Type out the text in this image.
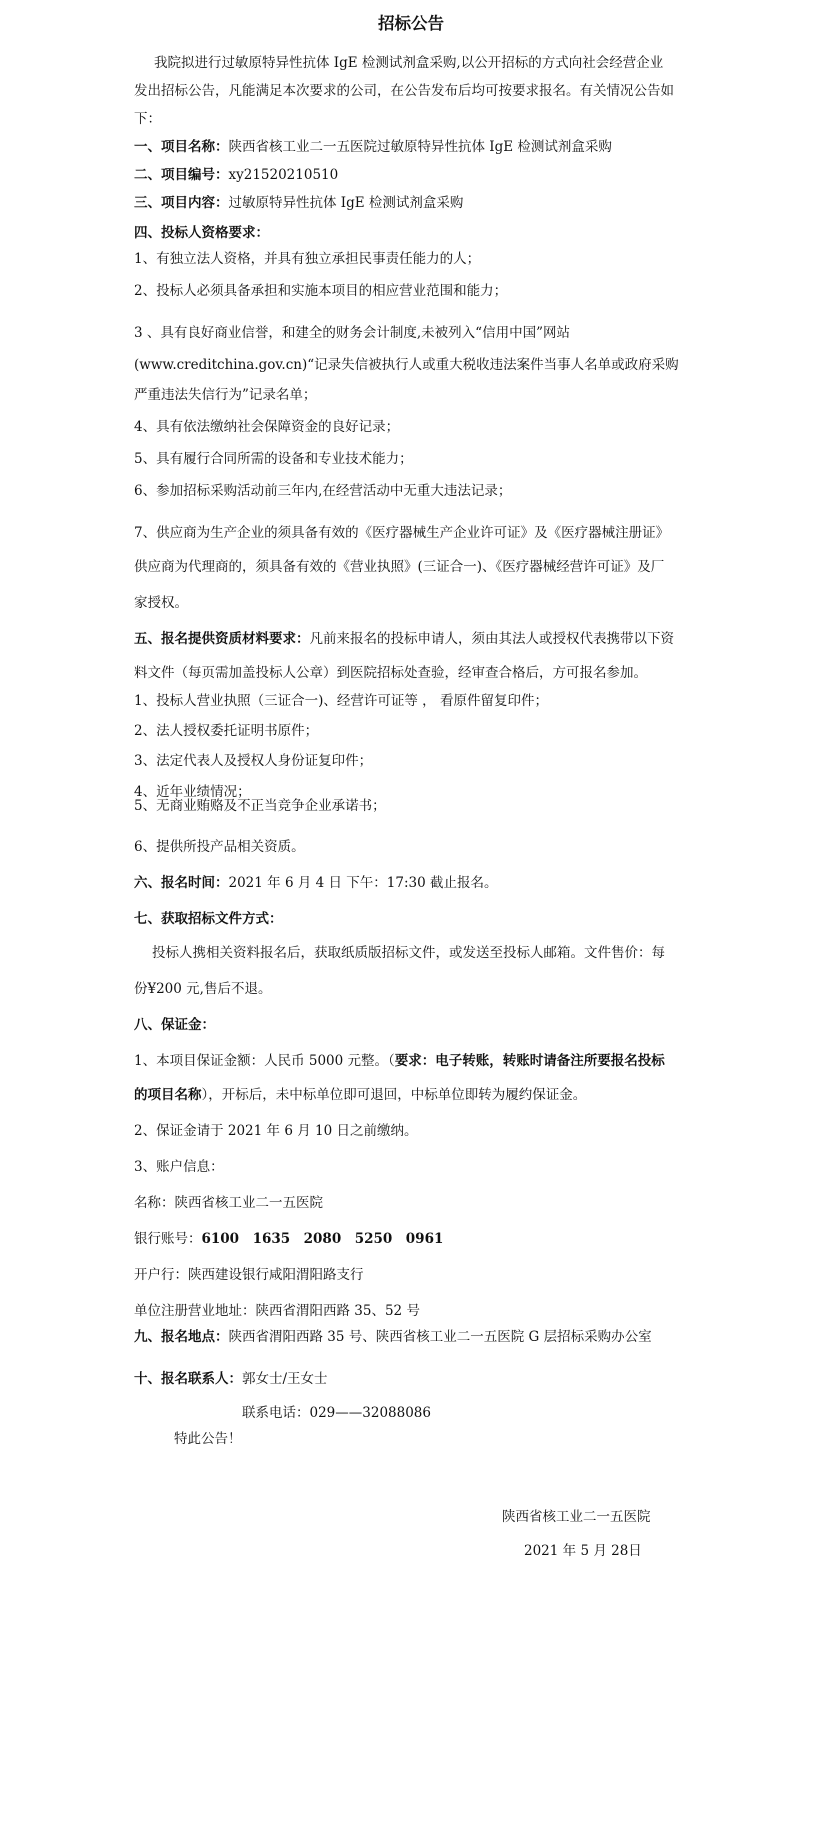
招标公告
我院拟进行过敏原特异性抗体 IgE 检测试剂盒采购,以公开招标的方式向社会经营企业
发出招标公告，凡能满足本次要求的公司，在公告发布后均可按要求报名。有关情况公告如
下：
一、项目名称：陕西省核工业二一五医院过敏原特异性抗体 IgE 检测试剂盒采购
二、项目编号：xy21520210510
三、项目内容：过敏原特异性抗体 IgE 检测试剂盒采购
四、投标人资格要求：
1、有独立法人资格，并具有独立承担民事责任能力的人；
2、投标人必须具备承担和实施本项目的相应营业范围和能力；
3 、具有良好商业信誉，和建全的财务会计制度,未被列入“信用中国”网站
(www.creditchina.gov.cn)“记录失信被执行人或重大税收违法案件当事人名单或政府采购
严重违法失信行为”记录名单；
4、具有依法缴纳社会保障资金的良好记录；
5、具有履行合同所需的设备和专业技术能力；
6、参加招标采购活动前三年内,在经营活动中无重大违法记录；
7、供应商为生产企业的须具备有效的《医疗器械生产企业许可证》及《医疗器械注册证》
供应商为代理商的，须具备有效的《营业执照》(三证合一)、《医疗器械经营许可证》及厂
家授权。
五、报名提供资质材料要求：凡前来报名的投标申请人，须由其法人或授权代表携带以下资
料文件（每页需加盖投标人公章）到医院招标处查验，经审查合格后，方可报名参加。
1、投标人营业执照（三证合一)、经营许可证等 ， 看原件留复印件；
2、法人授权委托证明书原件；
3、法定代表人及授权人身份证复印件；
4、近年业绩情况；
5、无商业贿赂及不正当竞争企业承诺书；
6、提供所投产品相关资质。
六、报名时间：2021 年 6 月 4 日 下午：17:30 截止报名。
七、获取招标文件方式：
投标人携相关资料报名后，获取纸质版招标文件，或发送至投标人邮箱。文件售价：每
份¥200 元,售后不退。
八、保证金：
1、本项目保证金额：人民币 5000 元整。（要求：电子转账，转账时请备注所要报名投标
的项目名称），开标后，未中标单位即可退回，中标单位即转为履约保证金。
2、保证金请于 2021 年 6 月 10 日之前缴纳。
3、账户信息：
名称：陕西省核工业二一五医院
银行账号：6100　1635　2080　5250　0961
开户行：陕西建设银行咸阳渭阳路支行
单位注册营业地址：陕西省渭阳西路 35、52 号
九、报名地点：陕西省渭阳西路 35 号、陕西省核工业二一五医院 G 层招标采购办公室
十、报名联系人：郭女士/王女士
联系电话：029——32088086
特此公告！
陕西省核工业二一五医院
2021 年 5 月 28日
